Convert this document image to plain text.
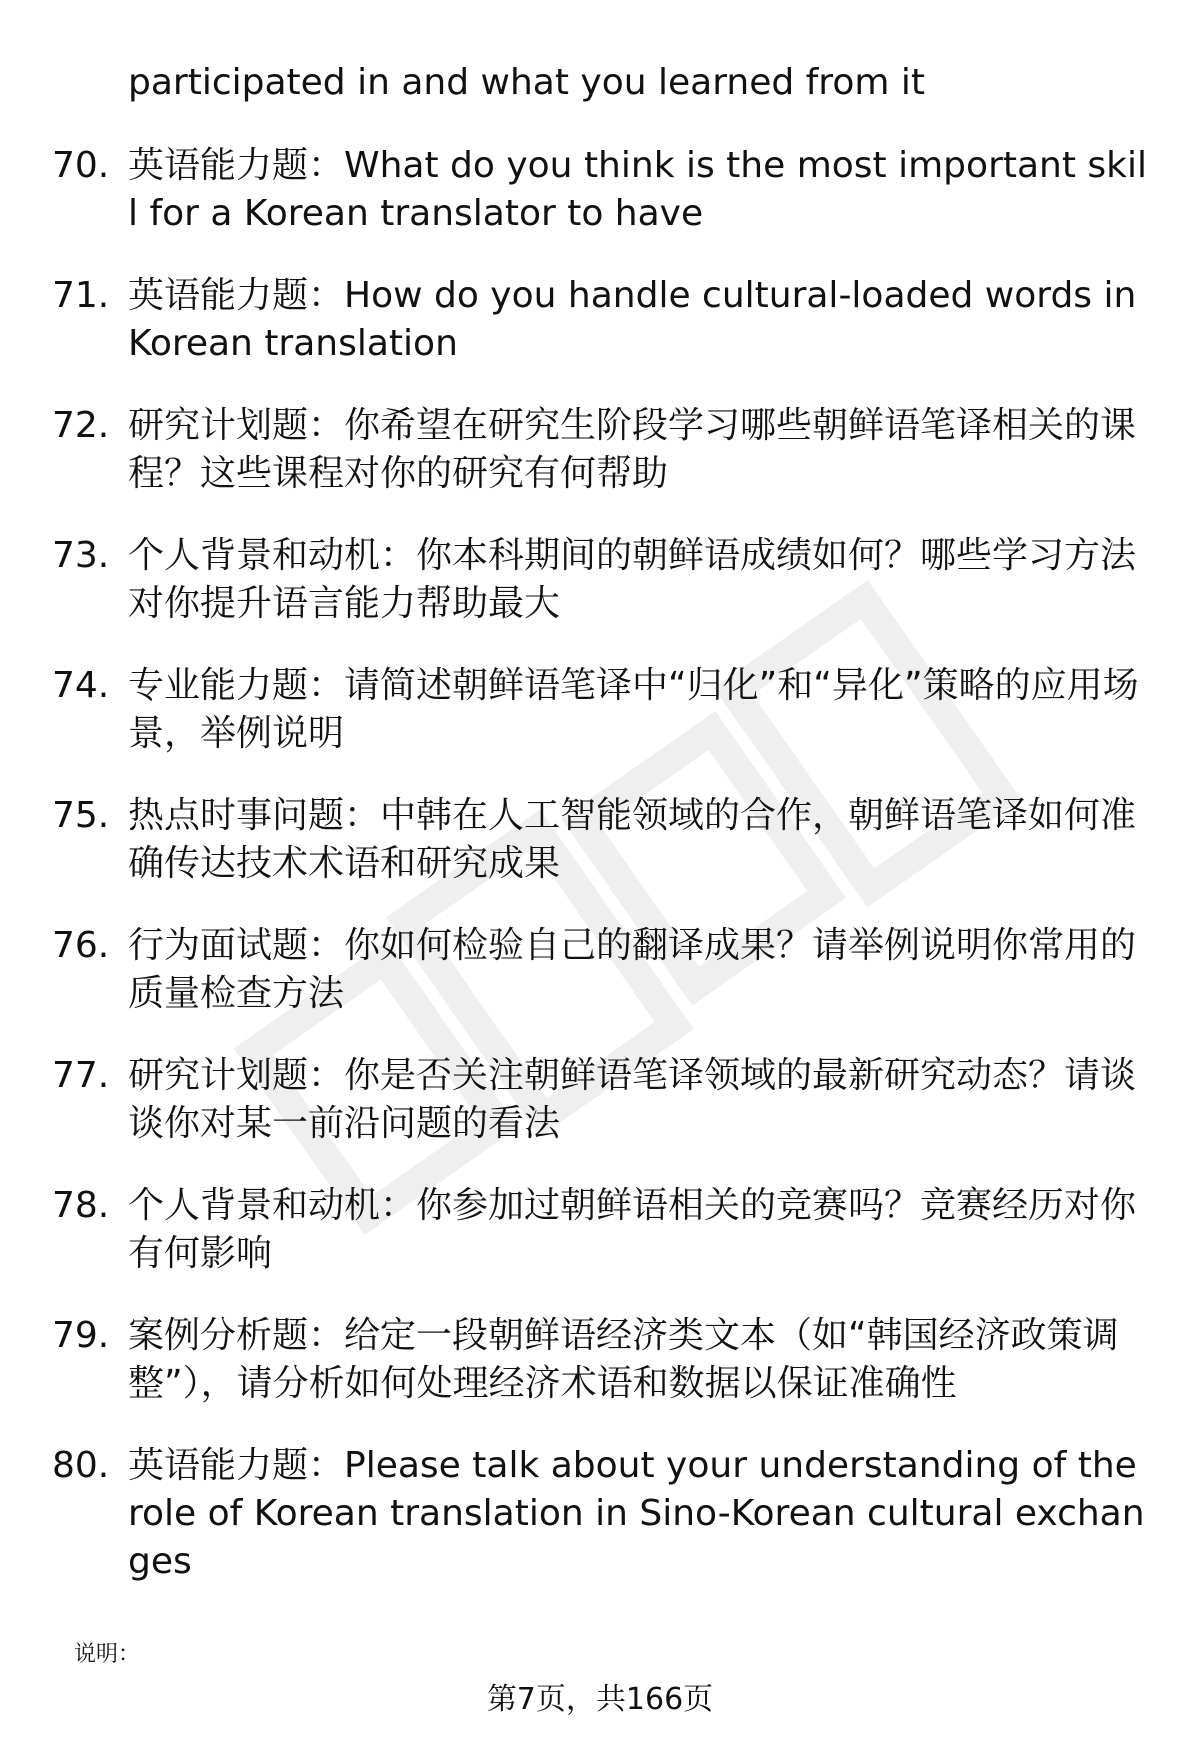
participated in and what you learned from it
70. 英语能力题：What do you think is the most important skill for a Korean translator to have
71. 英语能力题：How do you handle cultural-loaded words in Korean translation
72. 研究计划题：你希望在研究生阶段学习哪些朝鲜语笔译相关的课程？这些课程对你的研究有何帮助
73. 个人背景和动机：你本科期间的朝鲜语成绩如何？哪些学习方法对你提升语言能力帮助最大
74. 专业能力题：请简述朝鲜语笔译中“归化”和“异化”策略的应用场景，举例说明
75. 热点时事问题：中韩在人工智能领域的合作，朝鲜语笔译如何准确传达技术术语和研究成果
76. 行为面试题：你如何检验自己的翻译成果？请举例说明你常用的质量检查方法
77. 研究计划题：你是否关注朝鲜语笔译领域的最新研究动态？请谈谈你对某一前沿问题的看法
78. 个人背景和动机：你参加过朝鲜语相关的竞赛吗？竞赛经历对你有何影响
79. 案例分析题：给定一段朝鲜语经济类文本（如“韩国经济政策调整”），请分析如何处理经济术语和数据以保证准确性
80. 英语能力题：Please talk about your understanding of the role of Korean translation in Sino-Korean cultural exchanges
说明：
第7页，共166页
